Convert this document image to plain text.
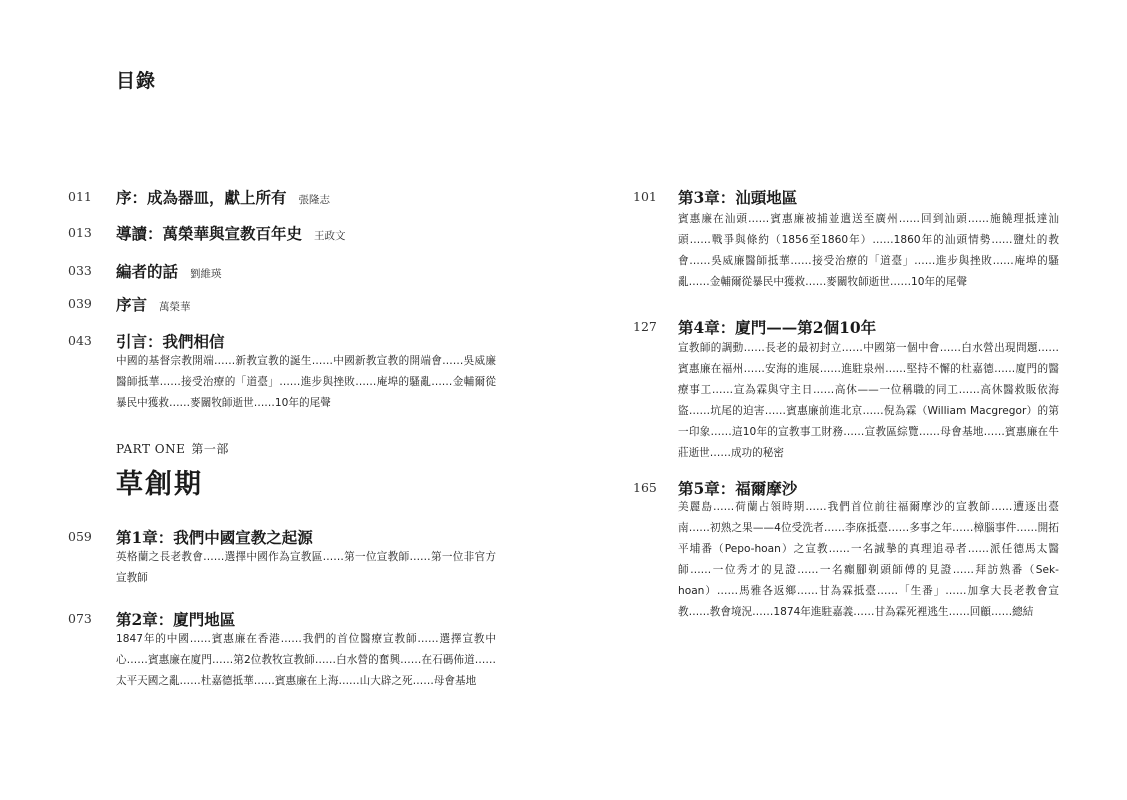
目錄
011 序：成為器皿，獻上所有 張隆志
013 導讀：萬榮華與宣教百年史 王政文
033 編者的話 劉維瑛
039 序言 萬榮華
043 引言：我們相信
中國的基督宗教開端……新教宣教的誕生……中國新教宣教的開端會……吳威廉醫師抵華……接受治療的「道臺」……進步與挫敗……庵埠的騷亂……金輔爾從暴民中獲救……麥關牧師逝世……10年的尾聲
PART ONE 第一部
草創期
059 第1章：我們中國宣教之起源
英格蘭之長老教會……選擇中國作為宣教區……第一位宣教師……第一位非官方宣教師
073 第2章：廈門地區
1847年的中國……賓惠廉在香港……我們的首位醫療宣教師……選擇宣教中心……賓惠廉在廈門……第2位教牧宣教師……白水營的奮興……在石碼佈道……太平天國之亂……杜嘉德抵華……賓惠廉在上海……山大辟之死……母會基地
101 第3章：汕頭地區
賓惠廉在汕頭……賓惠廉被捕並遣送至廣州……回到汕頭……施饒理抵達汕頭……戰爭與條約（1856至1860年）……1860年的汕頭情勢……鹽灶的教會……吳威廉醫師抵華……接受治療的「道臺」……進步與挫敗……庵埠的騷亂……金輔爾從暴民中獲救……麥關牧師逝世……10年的尾聲
127 第4章：廈門——第2個10年
宣教師的調動……長老的最初封立……中國第一個中會……白水營出現問題……賓惠廉在福州……安海的進展……進駐泉州……堅持不懈的杜嘉德……廈門的醫療事工……宣為霖與守主日……高休——一位稱職的同工……高休醫救販依海盜……坑尾的迫害……賓惠廉前進北京……倪為霖（William Macgregor）的第一印象……這10年的宣教事工財務……宣教區綜覽……母會基地……賓惠廉在牛莊逝世……成功的秘密
165 第5章：福爾摩沙
美麗島……荷蘭占領時期……我們首位前往福爾摩沙的宣教師……遭逐出臺南……初熟之果——4位受洗者……李庥抵臺……多事之年……樟腦事件……開拓平埔番（Pepo-hoan）之宣教……一名誠摯的真理追尋者……派任德馬太醫師……一位秀才的見證……一名癲腳剃頭師傅的見證……拜訪熟番（Sek-hoan）……馬雅各返鄉……甘為霖抵臺……「生番」……加拿大長老教會宣教……教會境況……1874年進駐嘉義……甘為霖死裡逃生……回顧……總結
